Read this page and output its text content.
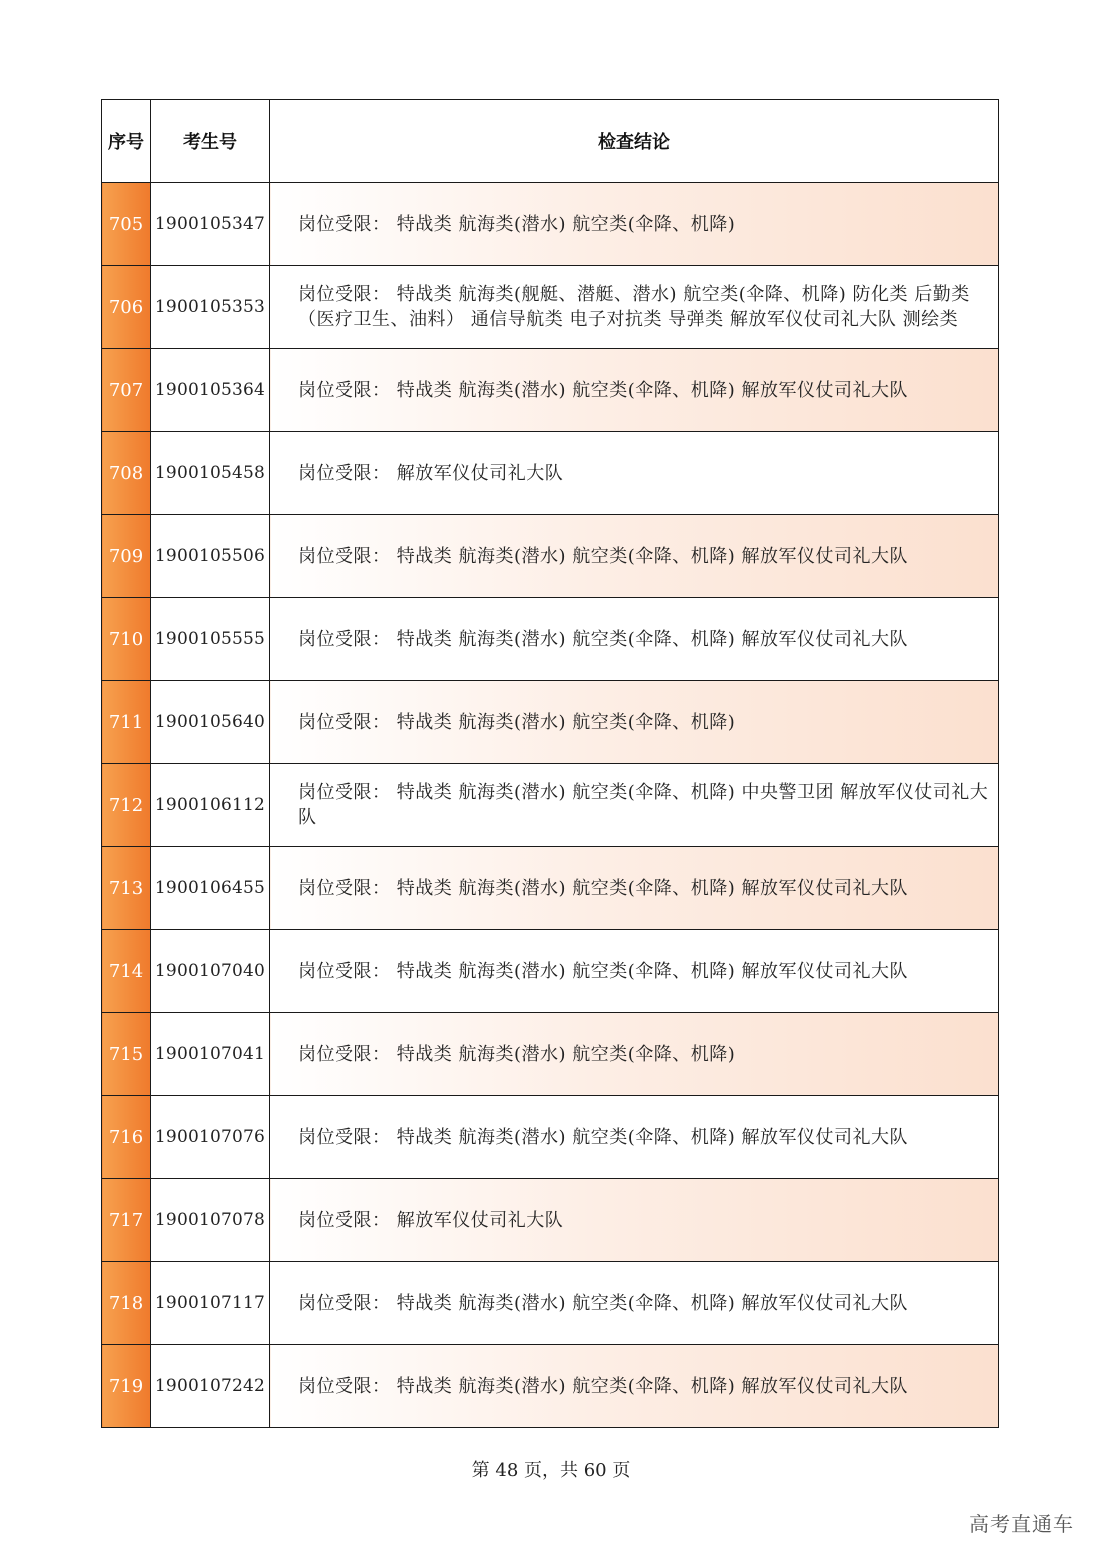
序号	考生号	检查结论
705	1900105347	岗位受限： 特战类 航海类(潜水) 航空类(伞降、机降)
706	1900105353	岗位受限： 特战类 航海类(舰艇、潜艇、潜水) 航空类(伞降、机降) 防化类 后勤类（医疗卫生、油料） 通信导航类 电子对抗类 导弹类 解放军仪仗司礼大队 测绘类
707	1900105364	岗位受限： 特战类 航海类(潜水) 航空类(伞降、机降) 解放军仪仗司礼大队
708	1900105458	岗位受限： 解放军仪仗司礼大队
709	1900105506	岗位受限： 特战类 航海类(潜水) 航空类(伞降、机降) 解放军仪仗司礼大队
710	1900105555	岗位受限： 特战类 航海类(潜水) 航空类(伞降、机降) 解放军仪仗司礼大队
711	1900105640	岗位受限： 特战类 航海类(潜水) 航空类(伞降、机降)
712	1900106112	岗位受限： 特战类 航海类(潜水) 航空类(伞降、机降) 中央警卫团 解放军仪仗司礼大队
713	1900106455	岗位受限： 特战类 航海类(潜水) 航空类(伞降、机降) 解放军仪仗司礼大队
714	1900107040	岗位受限： 特战类 航海类(潜水) 航空类(伞降、机降) 解放军仪仗司礼大队
715	1900107041	岗位受限： 特战类 航海类(潜水) 航空类(伞降、机降)
716	1900107076	岗位受限： 特战类 航海类(潜水) 航空类(伞降、机降) 解放军仪仗司礼大队
717	1900107078	岗位受限： 解放军仪仗司礼大队
718	1900107117	岗位受限： 特战类 航海类(潜水) 航空类(伞降、机降) 解放军仪仗司礼大队
719	1900107242	岗位受限： 特战类 航海类(潜水) 航空类(伞降、机降) 解放军仪仗司礼大队
第 48 页，共 60 页
高考直通车
